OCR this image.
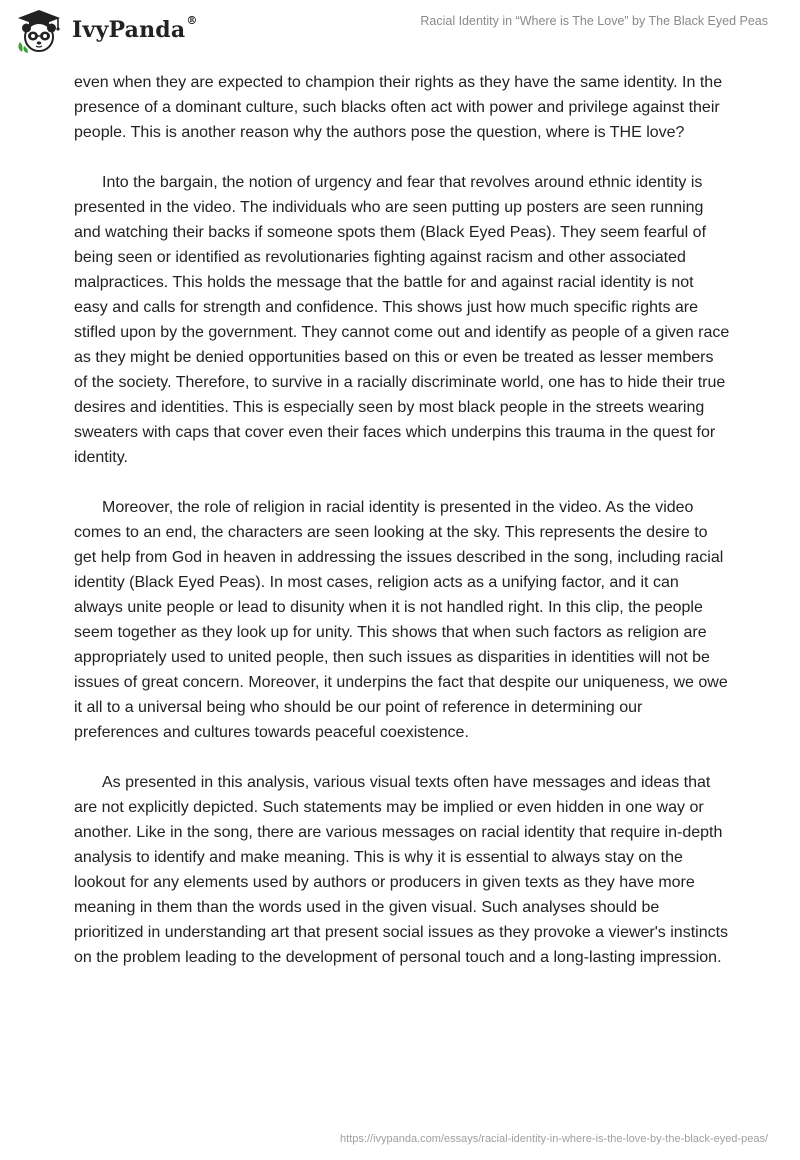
IvyPanda®	Racial Identity in “Where is The Love” by The Black Eyed Peas

even when they are expected to champion their rights as they have the same identity. In the presence of a dominant culture, such blacks often act with power and privilege against their people. This is another reason why the authors pose the question, where is THE love?

Into the bargain, the notion of urgency and fear that revolves around ethnic identity is presented in the video. The individuals who are seen putting up posters are seen running and watching their backs if someone spots them (Black Eyed Peas). They seem fearful of being seen or identified as revolutionaries fighting against racism and other associated malpractices. This holds the message that the battle for and against racial identity is not easy and calls for strength and confidence. This shows just how much specific rights are stifled upon by the government. They cannot come out and identify as people of a given race as they might be denied opportunities based on this or even be treated as lesser members of the society. Therefore, to survive in a racially discriminate world, one has to hide their true desires and identities. This is especially seen by most black people in the streets wearing sweaters with caps that cover even their faces which underpins this trauma in the quest for identity.

Moreover, the role of religion in racial identity is presented in the video. As the video comes to an end, the characters are seen looking at the sky. This represents the desire to get help from God in heaven in addressing the issues described in the song, including racial identity (Black Eyed Peas). In most cases, religion acts as a unifying factor, and it can always unite people or lead to disunity when it is not handled right. In this clip, the people seem together as they look up for unity. This shows that when such factors as religion are appropriately used to united people, then such issues as disparities in identities will not be issues of great concern. Moreover, it underpins the fact that despite our uniqueness, we owe it all to a universal being who should be our point of reference in determining our preferences and cultures towards peaceful coexistence.

As presented in this analysis, various visual texts often have messages and ideas that are not explicitly depicted. Such statements may be implied or even hidden in one way or another. Like in the song, there are various messages on racial identity that require in-depth analysis to identify and make meaning. This is why it is essential to always stay on the lookout for any elements used by authors or producers in given texts as they have more meaning in them than the words used in the given visual. Such analyses should be prioritized in understanding art that present social issues as they provoke a viewer's instincts on the problem leading to the development of personal touch and a long-lasting impression.

https://ivypanda.com/essays/racial-identity-in-where-is-the-love-by-the-black-eyed-peas/
